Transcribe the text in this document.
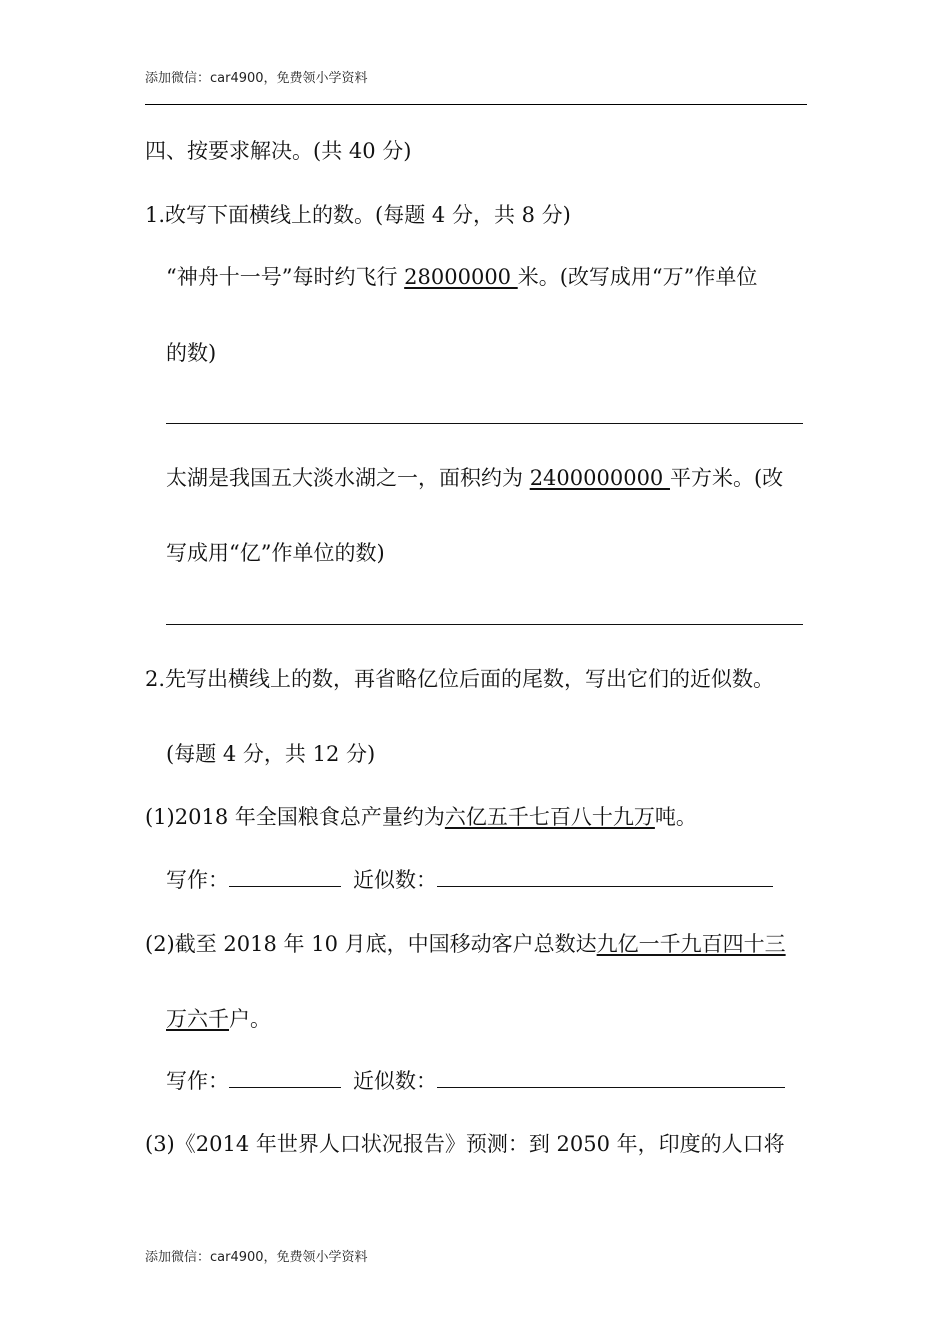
添加微信：car4900，免费领小学资料
四、按要求解决。(共 40 分)
1.改写下面横线上的数。(每题 4 分，共 8 分)
“神舟十一号”每时约飞行 28000000 米。(改写成用“万”作单位
的数)
太湖是我国五大淡水湖之一，面积约为 2400000000 平方米。(改
写成用“亿”作单位的数)
2.先写出横线上的数，再省略亿位后面的尾数，写出它们的近似数。
(每题 4 分，共 12 分)
(1)2018 年全国粮食总产量约为六亿五千七百八十九万吨。
写作：	近似数：
(2)截至 2018 年 10 月底，中国移动客户总数达九亿一千九百四十三
万六千户。
写作：	近似数：
(3)《2014 年世界人口状况报告》预测：到 2050 年，印度的人口将
添加微信：car4900，免费领小学资料
